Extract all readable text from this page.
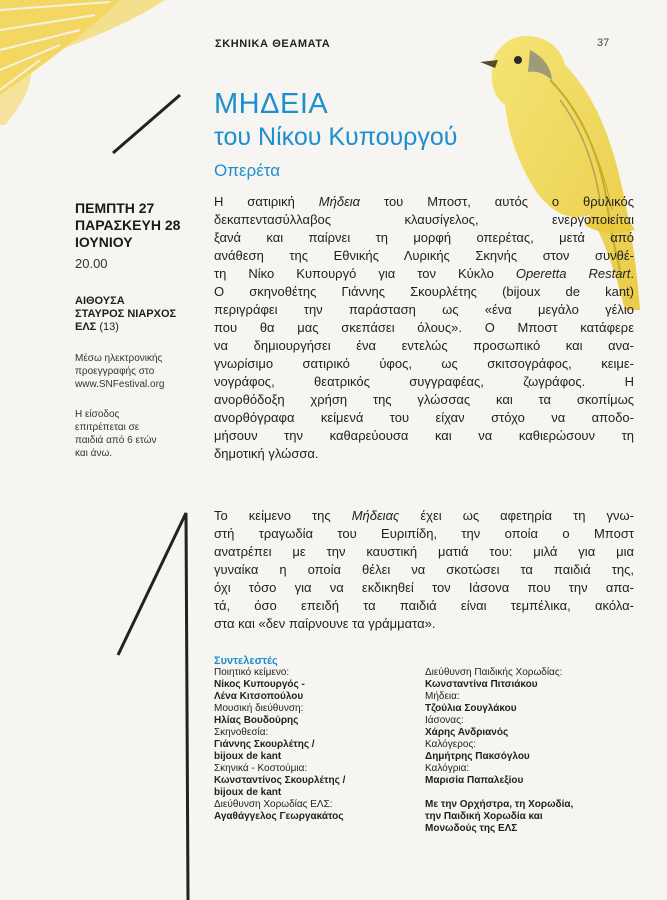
ΣΚΗΝΙΚΑ ΘΕΑΜΑΤΑ	37
ΜΗΔΕΙΑ
του Νίκου Κυπουργού
Οπερέτα
ΠΕΜΠΤΗ 27
ΠΑΡΑΣΚΕΥΗ 28
ΙΟΥΝΙΟΥ
20.00
ΑΙΘΟΥΣΑ
ΣΤΑΥΡΟΣ ΝΙΑΡΧΟΣ
ΕΛΣ (13)
Μέσω ηλεκτρονικής
προεγγραφής στο
www.SNFestival.org
Η είσοδος
επιτρέπεται σε
παιδιά από 6 ετών
και άνω.
Η σατιρική Μήδεια του Μποστ, αυτός ο θρυλικός
δεκαπεντασύλλαβος κλαυσίγελος, ενεργοποιείται
ξανά και παίρνει τη μορφή οπερέτας, μετά από
ανάθεση της Εθνικής Λυρικής Σκηνής στον συνθέ-
τη Νίκο Κυπουργό για τον Κύκλο Operetta Restart.
Ο σκηνοθέτης Γιάννης Σκουρλέτης (bijoux de kant)
περιγράφει την παράσταση ως «ένα μεγάλο γέλιο
που θα μας σκεπάσει όλους». Ο Μποστ κατάφερε
να δημιουργήσει ένα εντελώς προσωπικό και ανα-
γνωρίσιμο σατιρικό ύφος, ως σκιτσογράφος, κειμε-
νογράφος, θεατρικός συγγραφέας, ζωγράφος. Η
ανορθόδοξη χρήση της γλώσσας και τα σκοπίμως
ανορθόγραφα κείμενά του είχαν στόχο να αποδο-
μήσουν την καθαρεύουσα και να καθιερώσουν τη
δημοτική γλώσσα.
Το κείμενο της Μήδειας έχει ως αφετηρία τη γνω-
στή τραγωδία του Ευριπίδη, την οποία ο Μποστ
ανατρέπει με την καυστική ματιά του: μιλά για μια
γυναίκα η οποία θέλει να σκοτώσει τα παιδιά της,
όχι τόσο για να εκδικηθεί τον Ιάσονα που την απα-
τά, όσο επειδή τα παιδιά είναι τεμπέλικα, ακόλα-
στα και «δεν παίρνουνε τα γράμματα».
Συντελεστές
Ποιητικό κείμενο:
Νίκος Κυπουργός -
Λένα Κιτσοπούλου
Μουσική διεύθυνση:
Ηλίας Βουδούρης
Σκηνοθεσία:
Γιάννης Σκουρλέτης /
bijoux de kant
Σκηνικά - Κοστούμια:
Κωνσταντίνος Σκουρλέτης /
bijoux de kant
Διεύθυνση Χορωδίας ΕΛΣ:
Αγαθάγγελος Γεωργακάτος
Διεύθυνση Παιδικής Χορωδίας:
Κωνσταντίνα Πιτσιάκου
Μήδεια:
Τζούλια Σουγλάκου
Ιάσονας:
Χάρης Ανδριανός
Καλόγερος:
Δημήτρης Πακσόγλου
Καλόγρια:
Μαρισία Παπαλεξίου
Με την Ορχήστρα, τη Χορωδία,
την Παιδική Χορωδία και
Μονωδούς της ΕΛΣ
